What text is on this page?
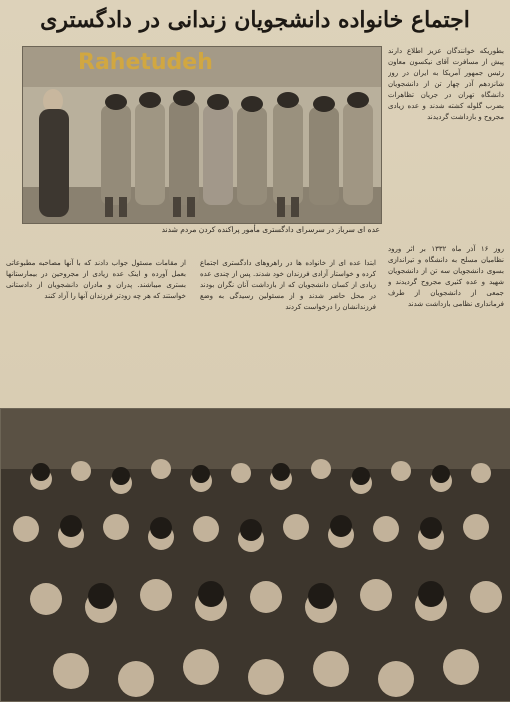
اجتماع خانواده دانشجویان زندانی در دادگستری
Rahetudeh
عده ای سرباز در سرسرای دادگستری مأمور پراکنده کردن مردم شدند
بطوریکه خوانندگان عزیز اطلاع دارند پیش از مسافرت آقای نیکسون معاون رئیس جمهور آمریکا به ایران در روز شانزدهم آذر چهار تن از دانشجویان دانشگاه تهران در جریان تظاهرات بضرب گلوله کشته شدند و عده زیادی مجروح و بازداشت گردیدند
روز ۱۶ آذر ماه ۱۳۳۲ بر اثر ورود نظامیان مسلح به دانشگاه و تیراندازی بسوی دانشجویان سه تن از دانشجویان شهید و عده کثیری مجروح گردیدند و جمعی از دانشجویان از طرف فرمانداری نظامی بازداشت شدند
ابتدا عده ای از خانواده ها در راهروهای دادگستری اجتماع کرده و خواستار آزادی فرزندان خود شدند. پس از چندی عده زیادی از کسان دانشجویان که از بازداشت آنان نگران بودند در محل حاضر شدند و از مسئولین رسیدگی به وضع فرزندانشان را درخواست کردند
از مقامات مسئول جواب دادند که با آنها مصاحبه مطبوعاتی بعمل آورده و اینک عده زیادی از مجروحین در بیمارستانها بستری میباشند. پدران و مادران دانشجویان از دادستانی خواستند که هر چه زودتر فرزندان آنها را آزاد کنند
